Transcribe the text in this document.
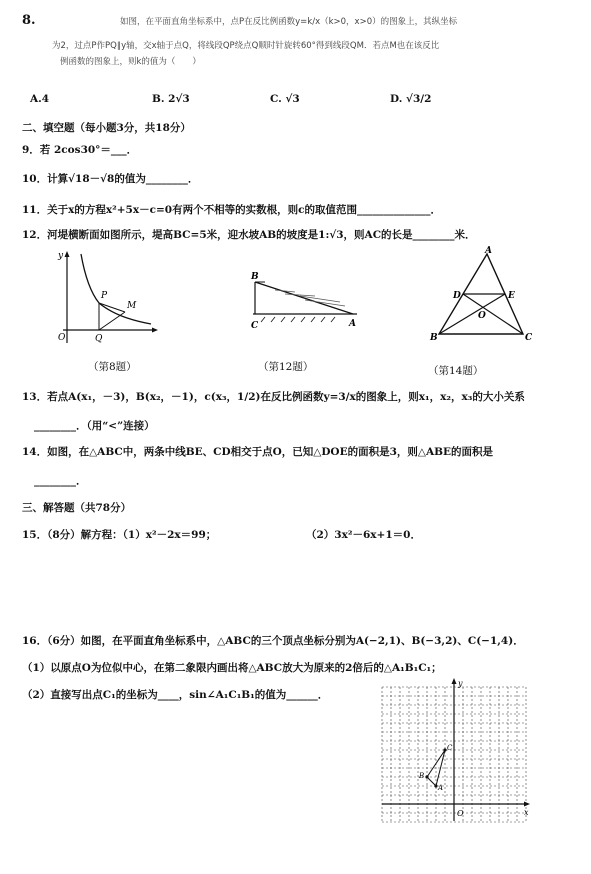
8.	如图，在平面直角坐标系中，点P在反比例函数y=k/x（k>0，x>0）的图象上，其纵坐标
为2，过点P作PQ∥y轴，交x轴于点Q，将线段QP绕点Q顺时针旋转60°得到线段QM．若点M也在该反比
例函数的图象上，则k的值为（　　）
A.4	B. 2√3	C. √3	D. √3/2
二、填空题（每小题3分，共18分）
9．若 2cos30°＝___．
10．计算√18－√8的值为________．
11．关于x的方程x²+5x－c=0有两个不相等的实数根，则c的取值范围______________．
12．河堤横断面如图所示，堤高BC=5米，迎水坡AB的坡度是1:√3，则AC的长是________米．
y
P
M
O	Q
B
C	A
A
D	E
O
B	C
（第8题）	（第12题）	（第14题）
13．若点A(x₁，－3)，B(x₂，－1)，c(x₃，1/2)在反比例函数y=3/x的图象上，则x₁，x₂，x₃的大小关系
________．（用“<”连接）
14．如图，在△ABC中，两条中线BE、CD相交于点O，已知△DOE的面积是3，则△ABE的面积是
________．
三、解答题（共78分）
15．（8分）解方程：（1）x²－2x＝99；	（2）3x²－6x+1＝0．
16．（6分）如图，在平面直角坐标系中，△ABC的三个顶点坐标分别为A(−2,1)、B(−3,2)、C(−1,4)．
（1）以原点O为位似中心，在第二象限内画出将△ABC放大为原来的2倍后的△A₁B₁C₁；
（2）直接写出点C₁的坐标为____，sin∠A₁C₁B₁的值为______．
y
x
O
A
B
C
